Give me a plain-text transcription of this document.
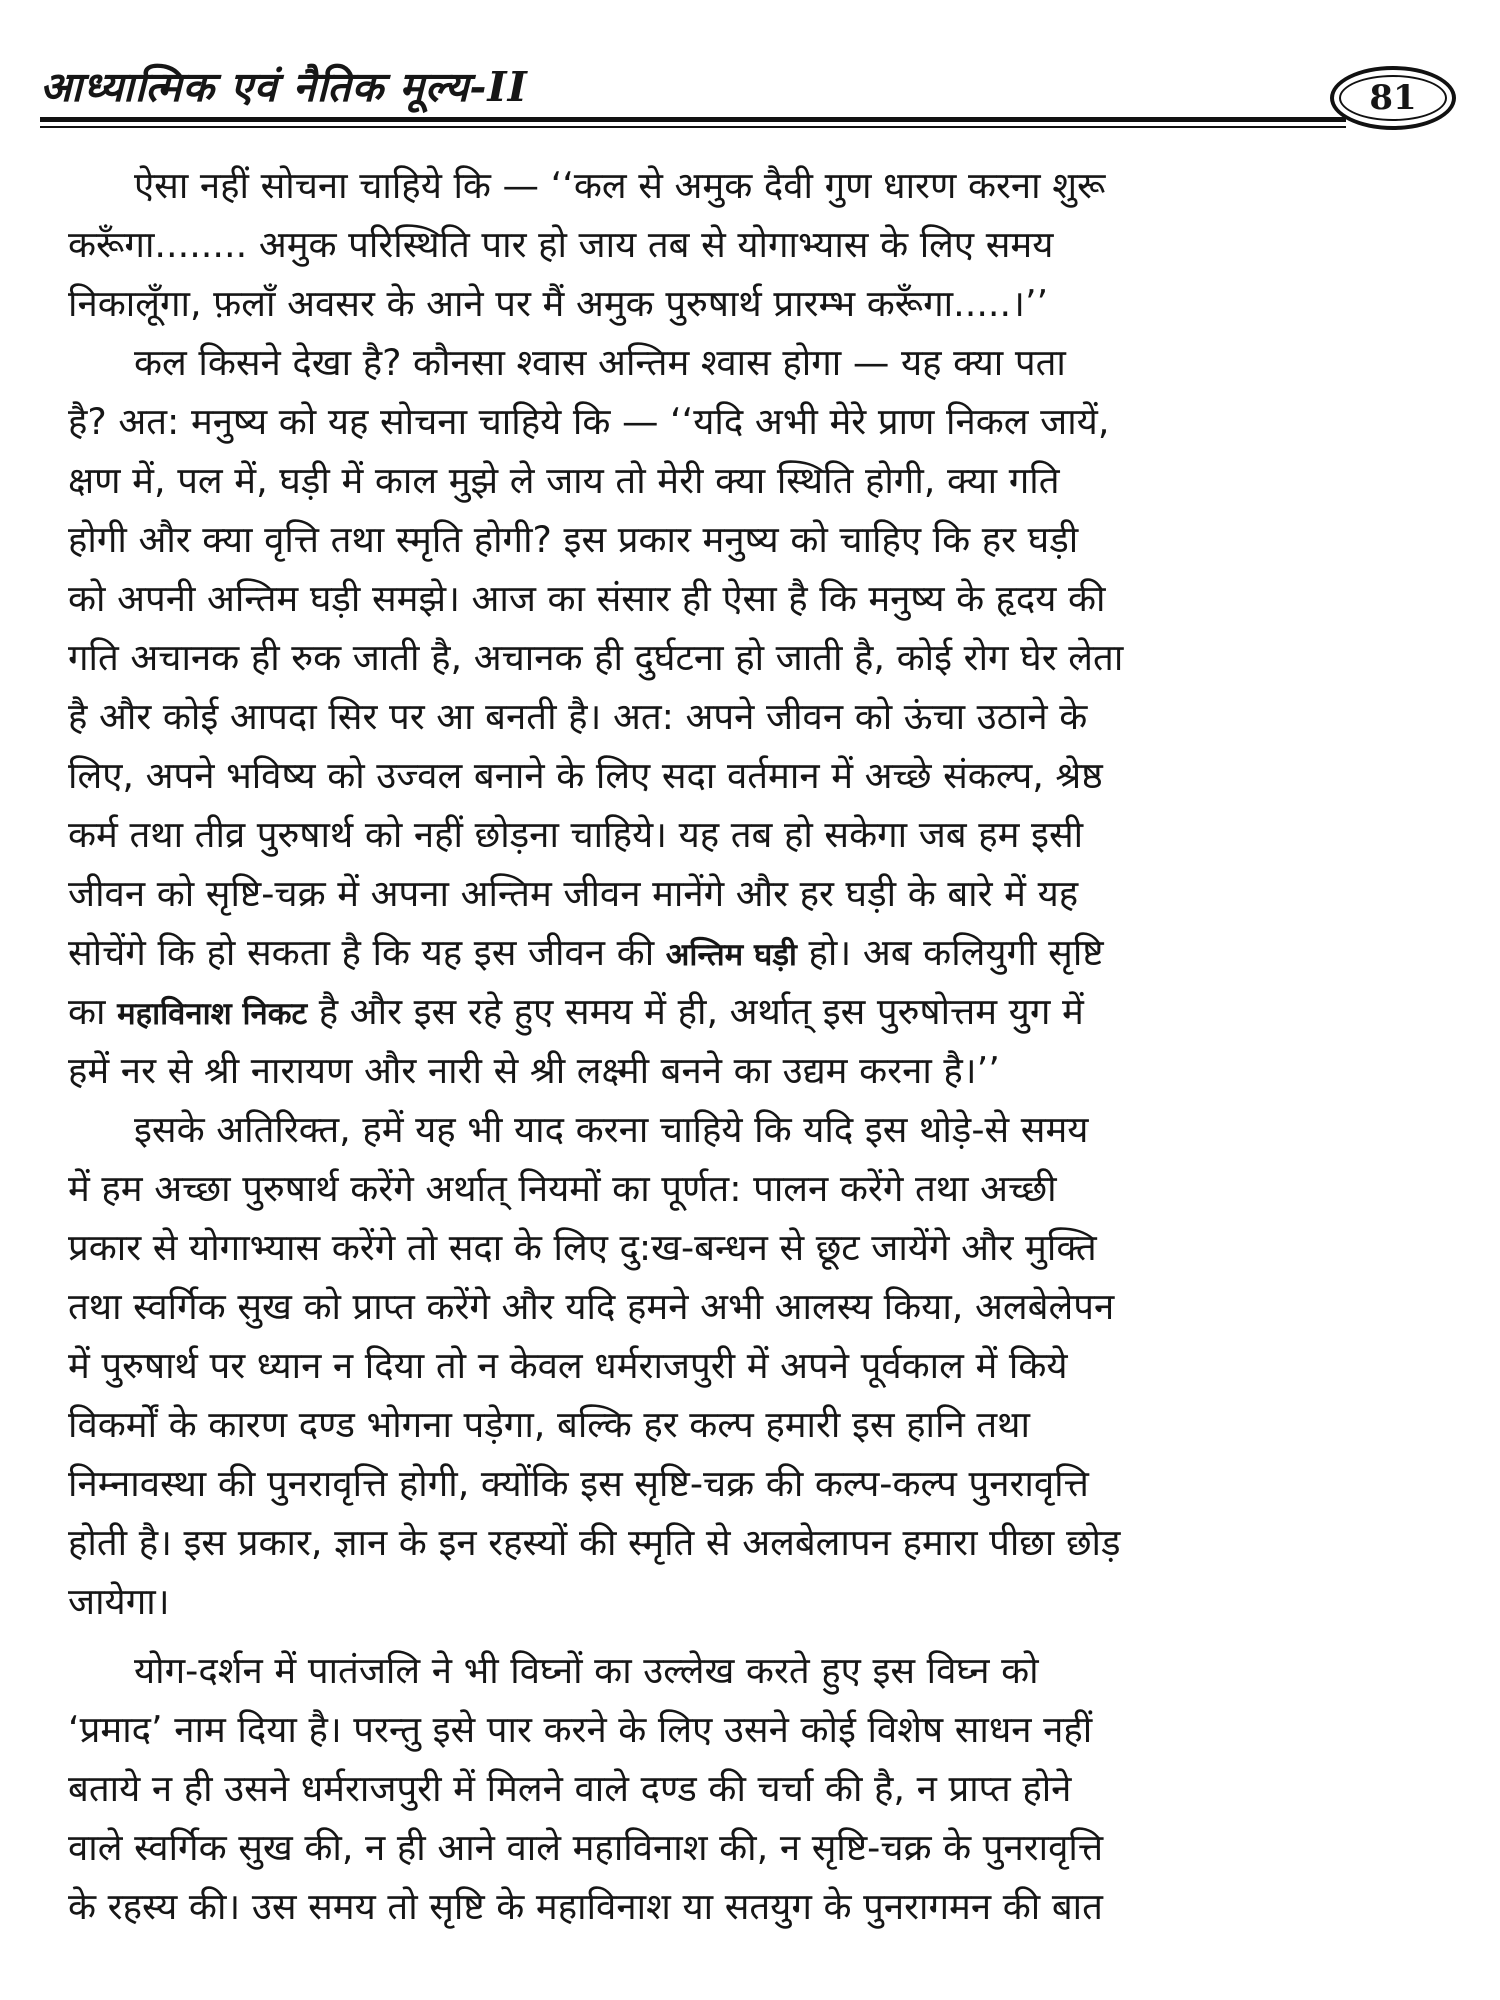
आध्यात्मिक एवं नैतिक मूल्य-II	81
ऐसा नहीं सोचना चाहिये कि — ‘‘कल से अमुक दैवी गुण धारण करना शुरू
करूँगा........ अमुक परिस्थिति पार हो जाय तब से योगाभ्यास के लिए समय
निकालूँगा, फ़लाँ अवसर के आने पर मैं अमुक पुरुषार्थ प्रारम्भ करूँगा.....।’’
कल किसने देखा है? कौनसा श्वास अन्तिम श्वास होगा — यह क्या पता
है? अत: मनुष्य को यह सोचना चाहिये कि — ‘‘यदि अभी मेरे प्राण निकल जायें,
क्षण में, पल में, घड़ी में काल मुझे ले जाय तो मेरी क्या स्थिति होगी, क्या गति
होगी और क्या वृत्ति तथा स्मृति होगी? इस प्रकार मनुष्य को चाहिए कि हर घड़ी
को अपनी अन्तिम घड़ी समझे। आज का संसार ही ऐसा है कि मनुष्य के हृदय की
गति अचानक ही रुक जाती है, अचानक ही दुर्घटना हो जाती है, कोई रोग घेर लेता
है और कोई आपदा सिर पर आ बनती है। अत: अपने जीवन को ऊंचा उठाने के
लिए, अपने भविष्य को उज्वल बनाने के लिए सदा वर्तमान में अच्छे संकल्प, श्रेष्ठ
कर्म तथा तीव्र पुरुषार्थ को नहीं छोड़ना चाहिये। यह तब हो सकेगा जब हम इसी
जीवन को सृष्टि-चक्र में अपना अन्तिम जीवन मानेंगे और हर घड़ी के बारे में यह
सोचेंगे कि हो सकता है कि यह इस जीवन की अन्तिम घड़ी हो। अब कलियुगी सृष्टि
का महाविनाश निकट है और इस रहे हुए समय में ही, अर्थात् इस पुरुषोत्तम युग में
हमें नर से श्री नारायण और नारी से श्री लक्ष्मी बनने का उद्यम करना है।’’
इसके अतिरिक्त, हमें यह भी याद करना चाहिये कि यदि इस थोड़े-से समय
में हम अच्छा पुरुषार्थ करेंगे अर्थात् नियमों का पूर्णत: पालन करेंगे तथा अच्छी
प्रकार से योगाभ्यास करेंगे तो सदा के लिए दु:ख-बन्धन से छूट जायेंगे और मुक्ति
तथा स्वर्गिक सुख को प्राप्त करेंगे और यदि हमने अभी आलस्य किया, अलबेलेपन
में पुरुषार्थ पर ध्यान न दिया तो न केवल धर्मराजपुरी में अपने पूर्वकाल में किये
विकर्मों के कारण दण्ड भोगना पड़ेगा, बल्कि हर कल्प हमारी इस हानि तथा
निम्नावस्था की पुनरावृत्ति होगी, क्योंकि इस सृष्टि-चक्र की कल्प-कल्प पुनरावृत्ति
होती है। इस प्रकार, ज्ञान के इन रहस्यों की स्मृति से अलबेलापन हमारा पीछा छोड़
जायेगा।
योग-दर्शन में पातंजलि ने भी विघ्नों का उल्लेख करते हुए इस विघ्न को
‘प्रमाद’ नाम दिया है। परन्तु इसे पार करने के लिए उसने कोई विशेष साधन नहीं
बताये न ही उसने धर्मराजपुरी में मिलने वाले दण्ड की चर्चा की है, न प्राप्त होने
वाले स्वर्गिक सुख की, न ही आने वाले महाविनाश की, न सृष्टि-चक्र के पुनरावृत्ति
के रहस्य की। उस समय तो सृष्टि के महाविनाश या सतयुग के पुनरागमन की बात
